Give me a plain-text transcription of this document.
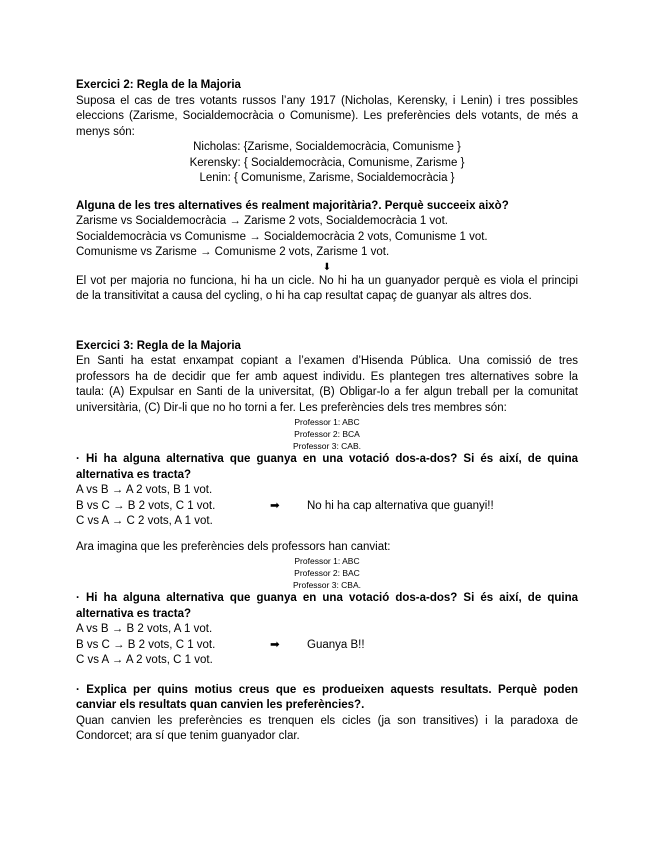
Exercici 2: Regla de la Majoria
Suposa el cas de tres votants russos l’any 1917 (Nicholas, Kerensky, i Lenin) i tres possibles
eleccions (Zarisme, Socialdemocràcia o Comunisme). Les preferències dels votants, de més a
menys són:
Nicholas: {Zarisme, Socialdemocràcia, Comunisme }
Kerensky: { Socialdemocràcia, Comunisme, Zarisme }
Lenin: { Comunisme, Zarisme, Socialdemocràcia }
Alguna de les tres alternatives és realment majoritària?. Perquè succeeix això?
Zarisme vs Socialdemocràcia → Zarisme 2 vots, Socialdemocràcia 1 vot.
Socialdemocràcia vs Comunisme → Socialdemocràcia 2 vots, Comunisme 1 vot.
Comunisme vs Zarisme → Comunisme 2 vots, Zarisme 1 vot.
⬇
El vot per majoria no funciona, hi ha un cicle. No hi ha un guanyador perquè es viola el principi
de la transitivitat a causa del cycling, o hi ha cap resultat capaç de guanyar als altres dos.
Exercici 3: Regla de la Majoria
En Santi ha estat enxampat copiant a l’examen d’Hisenda Pública. Una comissió de tres
professors ha de decidir que fer amb aquest individu. Es plantegen tres alternatives sobre la
taula: (A) Expulsar en Santi de la universitat, (B) Obligar-lo a fer algun treball per la comunitat
universitària, (C) Dir-li que no ho torni a fer. Les preferències dels tres membres són:
Professor 1: ABC
Professor 2: BCA
Professor 3: CAB.
· Hi ha alguna alternativa que guanya en una votació dos-a-dos? Si és així, de quina
alternativa es tracta?
A vs B → A 2 vots, B 1 vot.
B vs C → B 2 vots, C 1 vot.	➡	No hi ha cap alternativa que guanyi!!
C vs A → C 2 vots, A 1 vot.
Ara imagina que les preferències dels professors han canviat:
Professor 1: ABC
Professor 2: BAC
Professor 3: CBA.
· Hi ha alguna alternativa que guanya en una votació dos-a-dos? Si és així, de quina
alternativa es tracta?
A vs B → B 2 vots, A 1 vot.
B vs C → B 2 vots, C 1 vot.	➡	Guanya B!!
C vs A → A 2 vots, C 1 vot.
· Explica per quins motius creus que es produeixen aquests resultats. Perquè poden
canviar els resultats quan canvien les preferències?.
Quan canvien les preferències es trenquen els cicles (ja son transitives) i la paradoxa de
Condorcet; ara sí que tenim guanyador clar.
